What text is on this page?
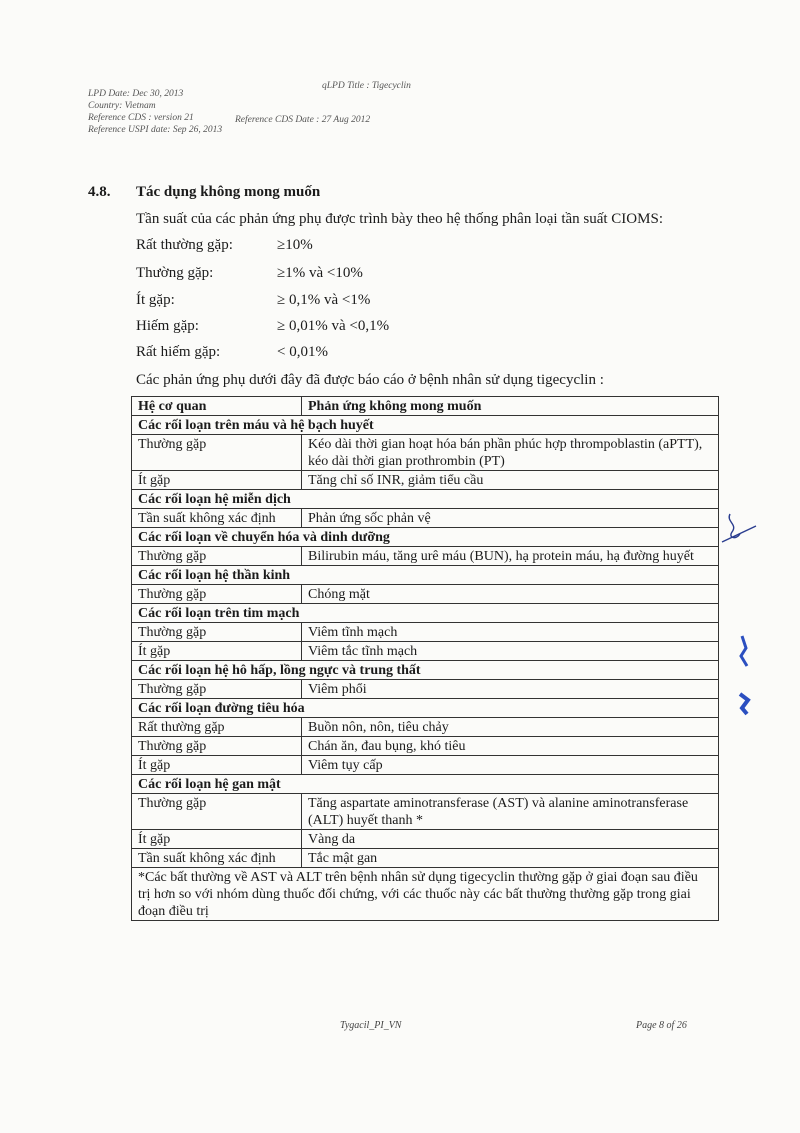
qLPD Title : Tigecyclin
LPD Date: Dec 30, 2013
Country: Vietnam
Reference CDS : version 21
Reference USPI date: Sep 26, 2013
Reference CDS Date : 27 Aug 2012
4.8. Tác dụng không mong muốn
Tần suất của các phản ứng phụ được trình bày theo hệ thống phân loại tần suất CIOMS:
Rất thường gặp:	≥10%
Thường gặp:	≥1% và <10%
Ít gặp:	≥ 0,1% và <1%
Hiếm gặp:	≥ 0,01% và <0,1%
Rất hiếm gặp:	< 0,01%
Các phản ứng phụ dưới đây đã được báo cáo ở bệnh nhân sử dụng tigecyclin :
Hệ cơ quan	Phản ứng không mong muốn
Các rối loạn trên máu và hệ bạch huyết	
Thường gặp	Kéo dài thời gian hoạt hóa bán phần phúc hợp thrompoblastin (aPTT), kéo dài thời gian prothrombin (PT)
Ít gặp	Tăng chỉ số INR, giảm tiểu cầu
Các rối loạn hệ miễn dịch	
Tần suất không xác định	Phản ứng sốc phản vệ
Các rối loạn về chuyển hóa và dinh dưỡng	
Thường gặp	Bilirubin máu, tăng urê máu (BUN), hạ protein máu, hạ đường huyết
Các rối loạn hệ thần kinh	
Thường gặp	Chóng mặt
Các rối loạn trên tim mạch	
Thường gặp	Viêm tĩnh mạch
Ít gặp	Viêm tắc tĩnh mạch
Các rối loạn hệ hô hấp, lồng ngực và trung thất	
Thường gặp	Viêm phổi
Các rối loạn đường tiêu hóa	
Rất thường gặp	Buồn nôn, nôn, tiêu chảy
Thường gặp	Chán ăn, đau bụng, khó tiêu
Ít gặp	Viêm tụy cấp
Các rối loạn hệ gan mật	
Thường gặp	Tăng aspartate aminotransferase (AST) và alanine aminotransferase (ALT) huyết thanh *
Ít gặp	Vàng da
Tần suất không xác định	Tắc mật gan
*Các bất thường về AST và ALT trên bệnh nhân sử dụng tigecyclin thường gặp ở giai đoạn sau điều trị hơn so với nhóm dùng thuốc đối chứng, với các thuốc này các bất thường thường gặp trong giai đoạn điều trị	
Tygacil_PI_VN	Page 8 of 26
